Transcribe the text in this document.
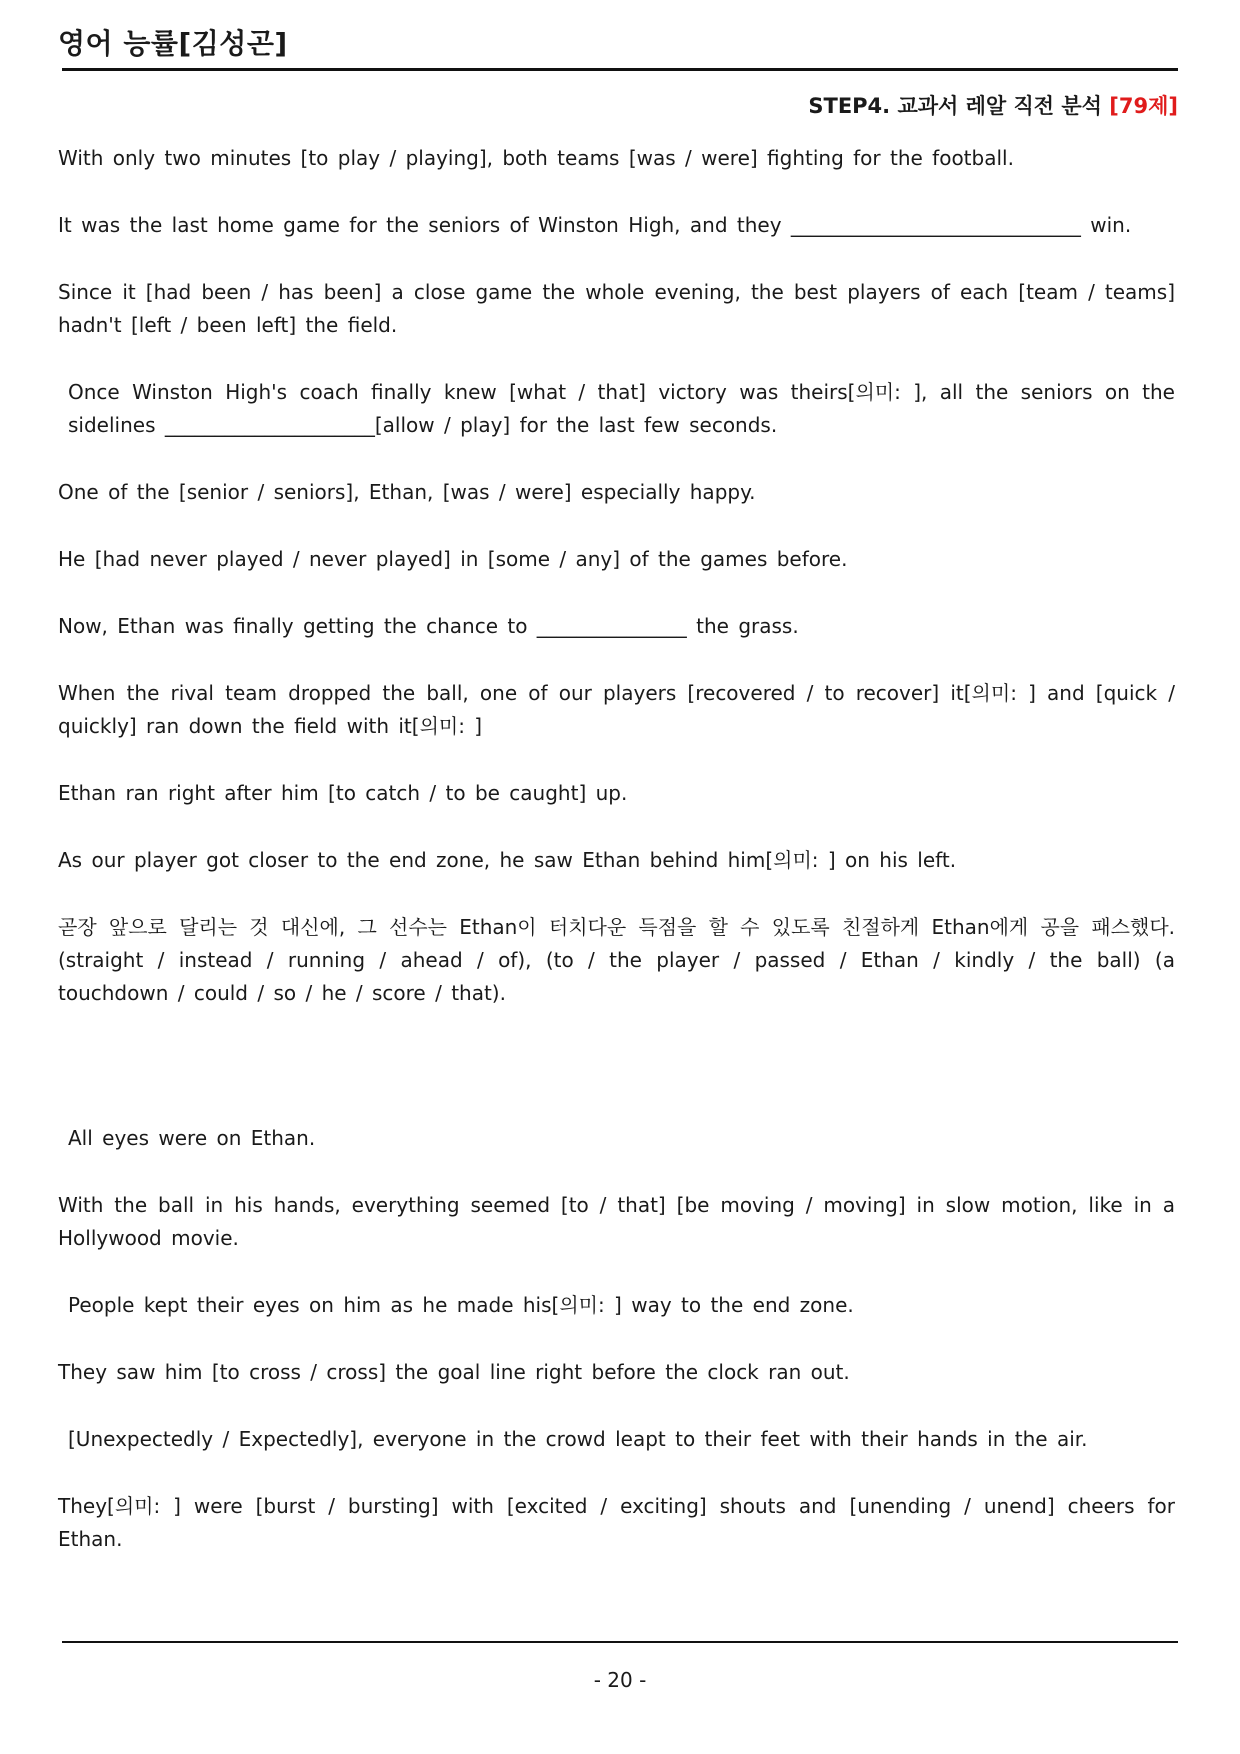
영어 능률[김성곤]
STEP4. 교과서 레알 직전 분석 [79제]

With only two minutes [to play / playing], both teams [was / were] fighting for the football.

It was the last home game for the seniors of Winston High, and they _____________________________ win.

Since it [had been / has been] a close game the whole evening, the best players of each [team / teams] hadn't [left / been left] the field.

Once Winston High's coach finally knew [what / that] victory was theirs[의미: ], all the seniors on the sidelines _____________________[allow / play] for the last few seconds.

One of the [senior / seniors], Ethan, [was / were] especially happy.

He [had never played / never played] in [some / any] of the games before.

Now, Ethan was finally getting the chance to _______________ the grass.

When the rival team dropped the ball, one of our players [recovered / to recover] it[의미: ] and [quick / quickly] ran down the field with it[의미: ]

Ethan ran right after him [to catch / to be caught] up.

As our player got closer to the end zone, he saw Ethan behind him[의미: ] on his left.

곧장 앞으로 달리는 것 대신에, 그 선수는 Ethan이 터치다운 득점을 할 수 있도록 친절하게 Ethan에게 공을 패스했다. (straight / instead / running / ahead / of), (to / the player / passed / Ethan / kindly / the ball) (a touchdown / could / so / he / score / that).

All eyes were on Ethan.

With the ball in his hands, everything seemed [to / that] [be moving / moving] in slow motion, like in a Hollywood movie.

People kept their eyes on him as he made his[의미: ] way to the end zone.

They saw him [to cross / cross] the goal line right before the clock ran out.

[Unexpectedly / Expectedly], everyone in the crowd leapt to their feet with their hands in the air.

They[의미: ] were [burst / bursting] with [excited / exciting] shouts and [unending / unend] cheers for Ethan.

- 20 -
